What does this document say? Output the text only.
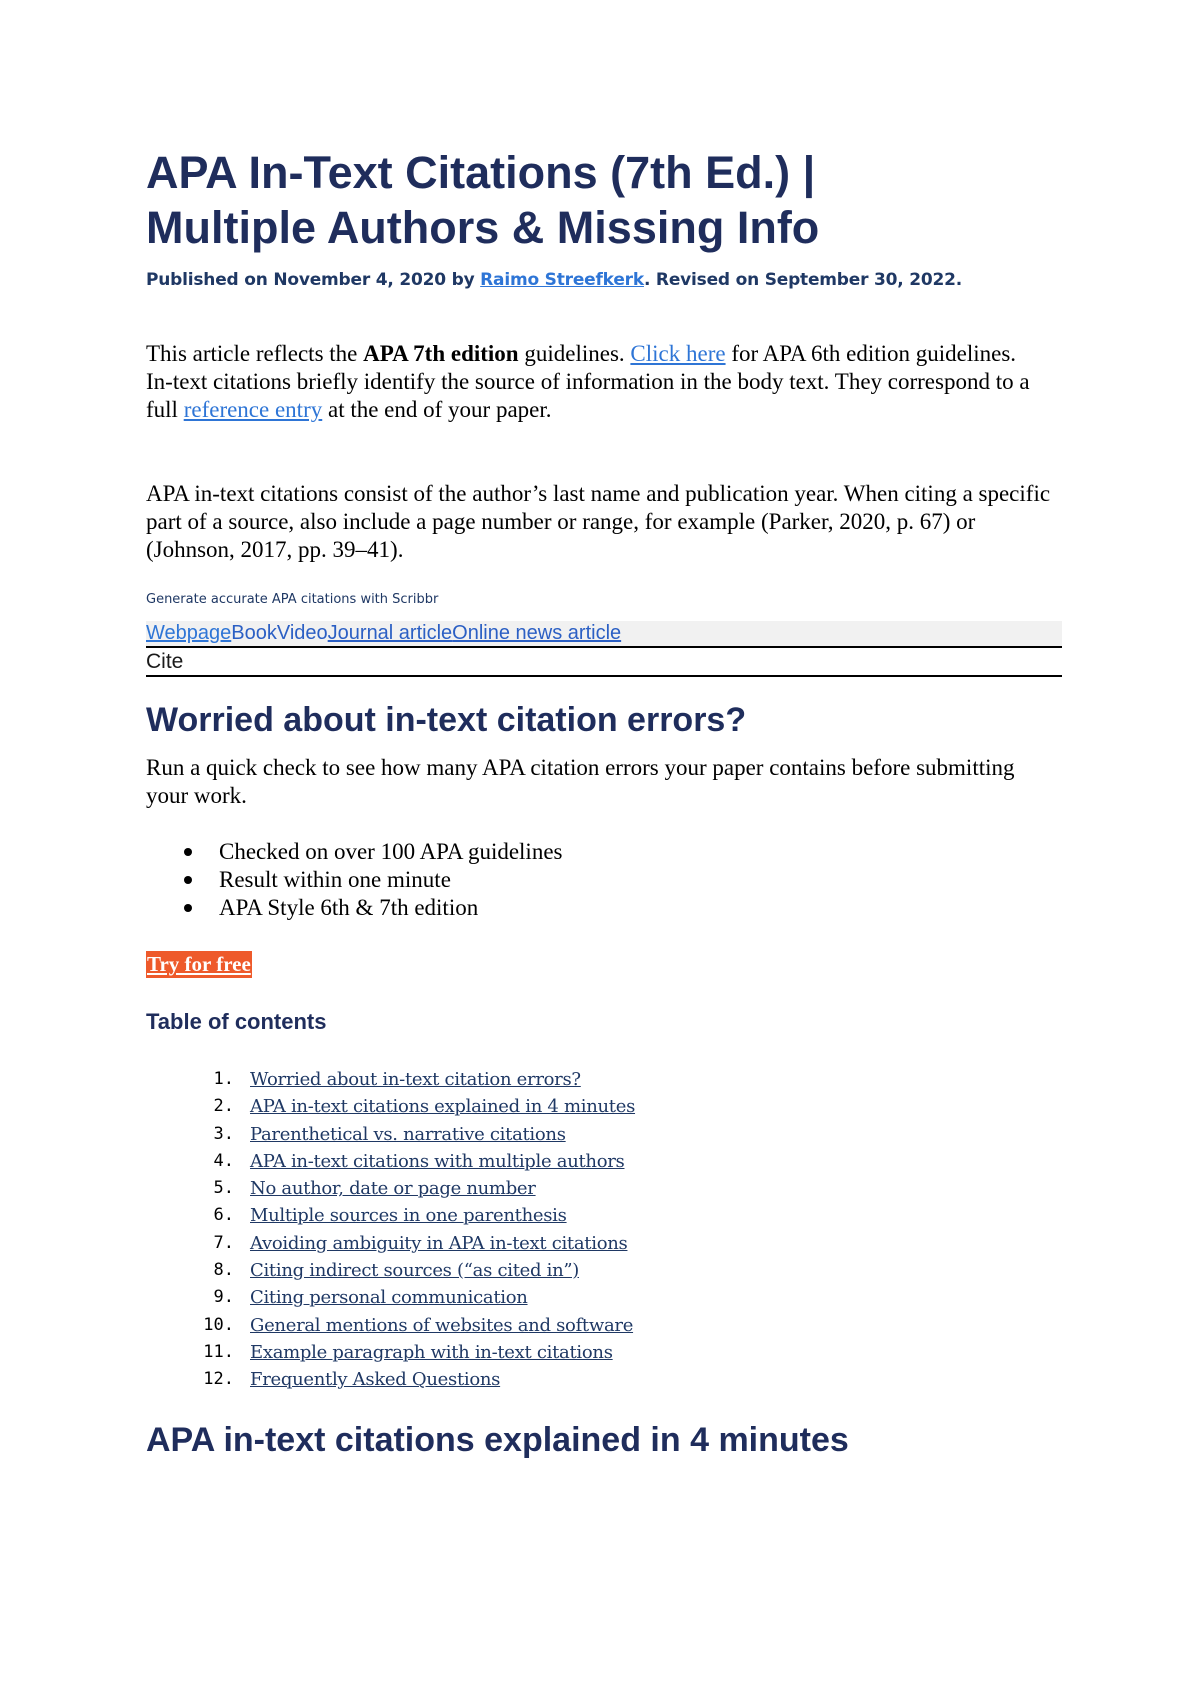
APA In-Text Citations (7th Ed.) |
Multiple Authors & Missing Info
Published on November 4, 2020 by Raimo Streefkerk. Revised on September 30, 2022.

This article reflects the APA 7th edition guidelines. Click here for APA 6th edition guidelines.
In-text citations briefly identify the source of information in the body text. They correspond to a full reference entry at the end of your paper.

APA in-text citations consist of the author’s last name and publication year. When citing a specific part of a source, also include a page number or range, for example (Parker, 2020, p. 67) or (Johnson, 2017, pp. 39–41).

Generate accurate APA citations with Scribbr
WebpageBookVideoJournal articleOnline news article
Cite
Worried about in-text citation errors?

Run a quick check to see how many APA citation errors your paper contains before submitting your work.

Checked on over 100 APA guidelines
Result within one minute
APA Style 6th & 7th edition
Try for free
Table of contents
1. Worried about in-text citation errors?
2. APA in-text citations explained in 4 minutes
3. Parenthetical vs. narrative citations
4. APA in-text citations with multiple authors
5. No author, date or page number
6. Multiple sources in one parenthesis
7. Avoiding ambiguity in APA in-text citations
8. Citing indirect sources (“as cited in”)
9. Citing personal communication
10. General mentions of websites and software
11. Example paragraph with in-text citations
12. Frequently Asked Questions
APA in-text citations explained in 4 minutes
